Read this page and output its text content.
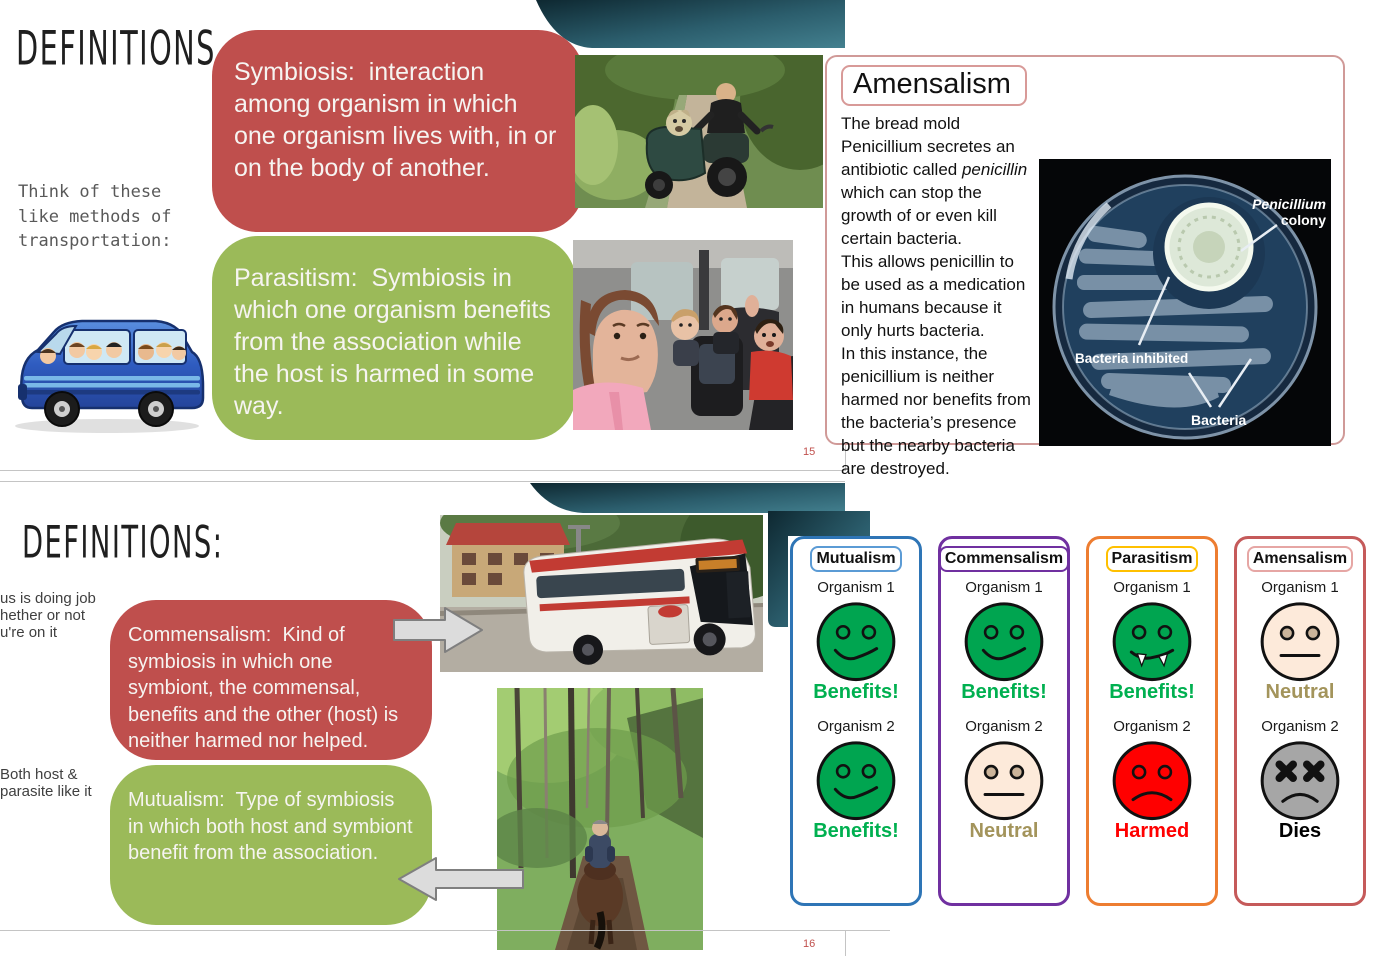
DEFINITIONS
Think of these
like methods of
transportation:
Symbiosis:  interaction among organism in which one organism lives with, in or on the body of another.
Parasitism:  Symbiosis in which one organism benefits from the association while the host is harmed in some way.
15
DEFINITIONS:
us is doing job
hether or not
u're on it
Both host &
parasite like it
Commensalism:  Kind of symbiosis in which one symbiont, the commensal, benefits and the other (host) is neither harmed nor helped.
Mutualism:  Type of symbiosis in which both host and symbiont benefit from the association.
16
Amensalism
Penicillium
colony
Bacteria inhibited
Bacteria
The bread mold Penicillium secretes an antibiotic called penicillin which can stop the growth of or even kill certain bacteria.
This allows penicillin to be used as a medication in humans because it only hurts bacteria.
In this instance, the penicillium is neither harmed nor benefits from the bacteria’s presence but the nearby bacteria are destroyed.
Mutualism
Organism 1
Benefits!
Organism 2
Benefits!
Commensalism
Organism 1
Benefits!
Organism 2
Neutral
Parasitism
Organism 1
Benefits!
Organism 2
Harmed
Amensalism
Organism 1
Neutral
Organism 2
Dies
